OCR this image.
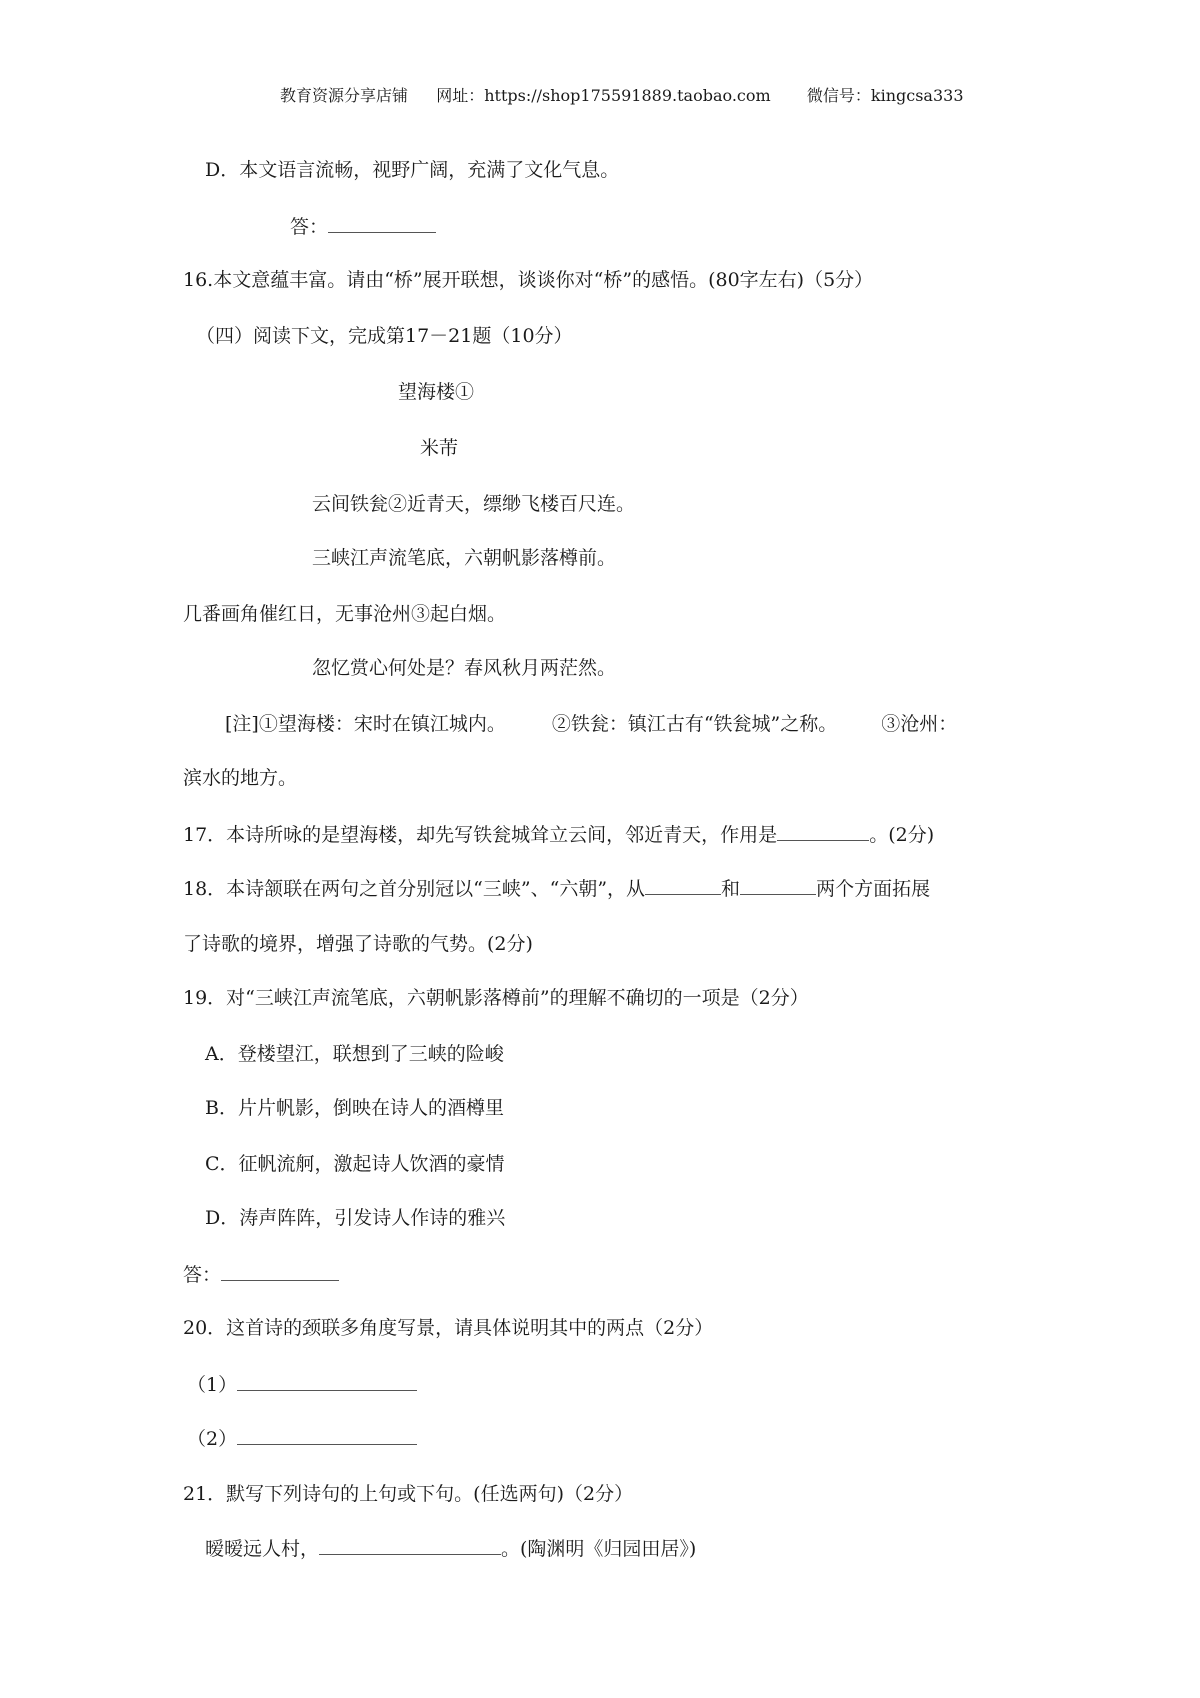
教育资源分享店铺 网址：https://shop175591889.taobao.com 微信号：kingcsa333
D．本文语言流畅，视野广阔，充满了文化气息。
答：
16.本文意蕴丰富。请由“桥”展开联想，谈谈你对“桥”的感悟。(80字左右)（5分）
（四）阅读下文，完成第17－21题（10分）
望海楼①
米芾
云间铁瓮②近青天，缥缈飞楼百尺连。
三峡江声流笔底，六朝帆影落樽前。
几番画角催红日，无事沧州③起白烟。
忽忆赏心何处是？春风秋月两茫然。
[注]①望海楼：宋时在镇江城内。 ②铁瓮：镇江古有“铁瓮城”之称。 ③沧州：
滨水的地方。
17．本诗所咏的是望海楼，却先写铁瓮城耸立云间，邻近青天，作用是	。(2分)
18．本诗颔联在两句之首分别冠以“三峡”、“六朝”，从	和	两个方面拓展
了诗歌的境界，增强了诗歌的气势。(2分)
19．对“三峡江声流笔底，六朝帆影落樽前”的理解不确切的一项是（2分）
A．登楼望江，联想到了三峡的险峻
B．片片帆影，倒映在诗人的酒樽里
C．征帆流舸，激起诗人饮酒的豪情
D．涛声阵阵，引发诗人作诗的雅兴
答：
20．这首诗的颈联多角度写景，请具体说明其中的两点（2分）
（1）
（2）
21．默写下列诗句的上句或下句。(任选两句)（2分）
暧暧远人村，	。(陶渊明《归园田居》)
